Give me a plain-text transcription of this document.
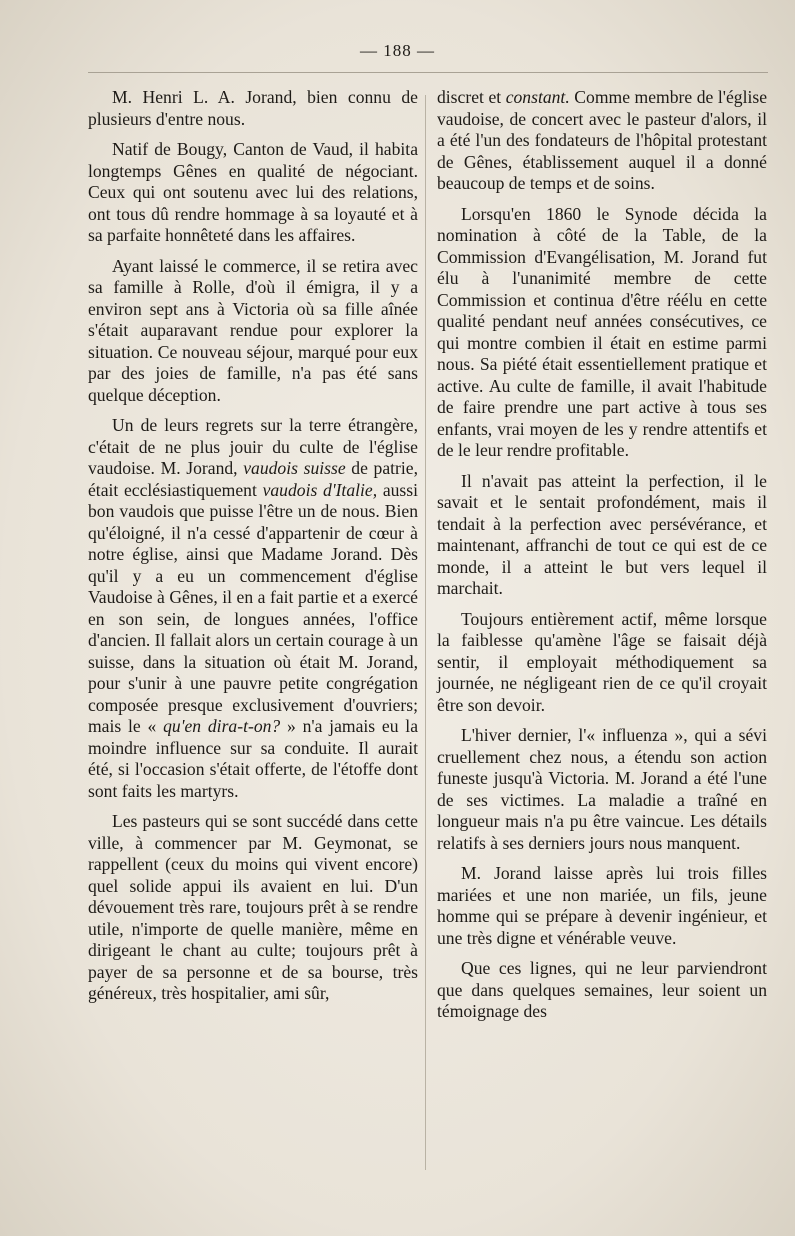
— 188 —

M. Henri L. A. Jorand, bien connu de plusieurs d'entre nous.

Natif de Bougy, Canton de Vaud, il habita longtemps Gênes en qualité de négociant. Ceux qui ont soutenu avec lui des relations, ont tous dû rendre hommage à sa loyauté et à sa parfaite honnêteté dans les affaires.

Ayant laissé le commerce, il se retira avec sa famille à Rolle, d'où il émigra, il y a environ sept ans à Victoria où sa fille aînée s'était auparavant rendue pour explorer la situation. Ce nouveau séjour, marqué pour eux par des joies de famille, n'a pas été sans quelque déception.

Un de leurs regrets sur la terre étrangère, c'était de ne plus jouir du culte de l'église vaudoise. M. Jorand, vaudois suisse de patrie, était ecclésiastiquement vaudois d'Italie, aussi bon vaudois que puisse l'être un de nous. Bien qu'éloigné, il n'a cessé d'appartenir de cœur à notre église, ainsi que Madame Jorand. Dès qu'il y a eu un commencement d'église Vaudoise à Gênes, il en a fait partie et a exercé en son sein, de longues années, l'office d'ancien. Il fallait alors un certain courage à un suisse, dans la situation où était M. Jorand, pour s'unir à une pauvre petite congrégation composée presque exclusivement d'ouvriers; mais le « qu'en dira-t-on? » n'a jamais eu la moindre influence sur sa conduite. Il aurait été, si l'occasion s'était offerte, de l'étoffe dont sont faits les martyrs.

Les pasteurs qui se sont succédé dans cette ville, à commencer par M. Geymonat, se rappellent (ceux du moins qui vivent encore) quel solide appui ils avaient en lui. D'un dévouement très rare, toujours prêt à se rendre utile, n'importe de quelle manière, même en dirigeant le chant au culte; toujours prêt à payer de sa personne et de sa bourse, très généreux, très hospitalier, ami sûr,

discret et constant. Comme membre de l'église vaudoise, de concert avec le pasteur d'alors, il a été l'un des fondateurs de l'hôpital protestant de Gênes, établissement auquel il a donné beaucoup de temps et de soins.

Lorsqu'en 1860 le Synode décida la nomination à côté de la Table, de la Commission d'Evangélisation, M. Jorand fut élu à l'unanimité membre de cette Commission et continua d'être réélu en cette qualité pendant neuf années consécutives, ce qui montre combien il était en estime parmi nous. Sa piété était essentiellement pratique et active. Au culte de famille, il avait l'habitude de faire prendre une part active à tous ses enfants, vrai moyen de les y rendre attentifs et de le leur rendre profitable.

Il n'avait pas atteint la perfection, il le savait et le sentait profondément, mais il tendait à la perfection avec persévérance, et maintenant, affranchi de tout ce qui est de ce monde, il a atteint le but vers lequel il marchait.

Toujours entièrement actif, même lorsque la faiblesse qu'amène l'âge se faisait déjà sentir, il employait méthodiquement sa journée, ne négligeant rien de ce qu'il croyait être son devoir.

L'hiver dernier, l'« influenza », qui a sévi cruellement chez nous, a étendu son action funeste jusqu'à Victoria. M. Jorand a été l'une de ses victimes. La maladie a traîné en longueur mais n'a pu être vaincue. Les détails relatifs à ses derniers jours nous manquent.

M. Jorand laisse après lui trois filles mariées et une non mariée, un fils, jeune homme qui se prépare à devenir ingénieur, et une très digne et vénérable veuve.

Que ces lignes, qui ne leur parviendront que dans quelques semaines, leur soient un témoignage des
